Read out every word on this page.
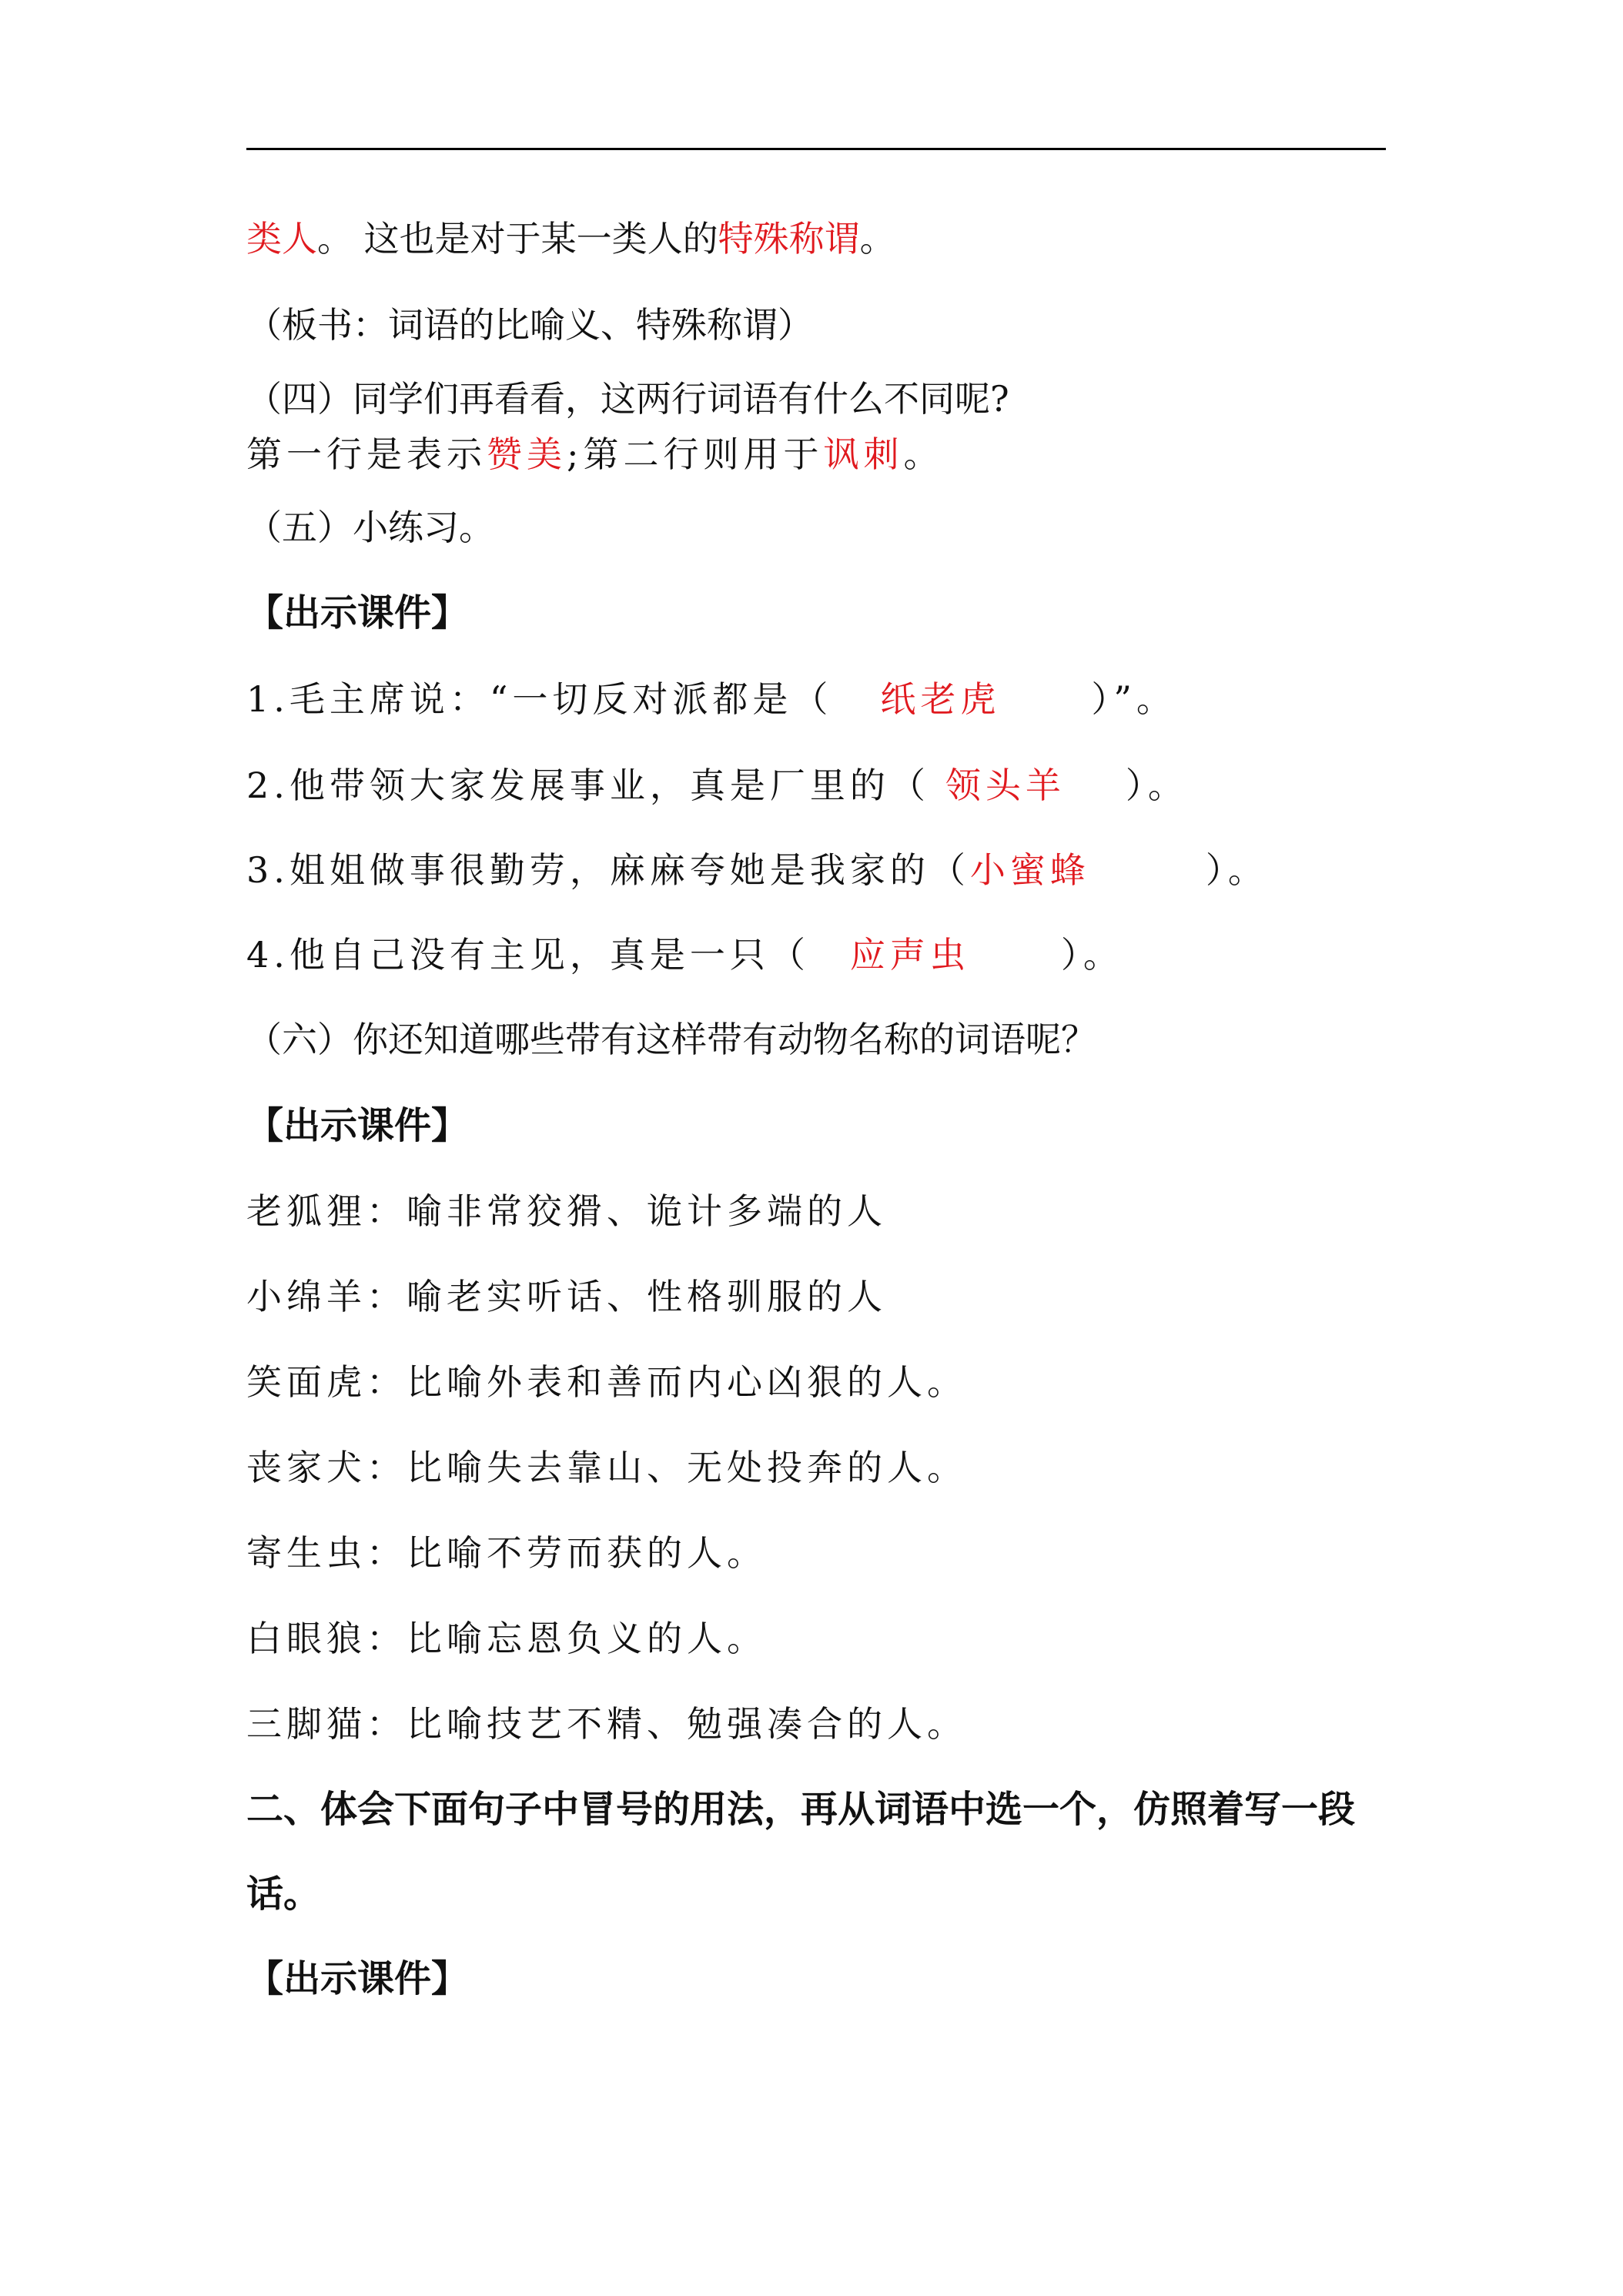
类人。 这也是对于某一类人的特殊称谓。
（板书：词语的比喻义、特殊称谓）
（四）同学们再看看，这两行词语有什么不同呢?
第一行是表示赞美;第二行则用于讽刺。
（五）小练习。
【出示课件】
1.毛主席说：“一切反对派都是（ 纸老虎	）”。
2.他带领大家发展事业，真是厂里的（ 领头羊 ）。
3.姐姐做事很勤劳，麻麻夸她是我家的（小蜜蜂	）。
4.他自己没有主见，真是一只（ 应声虫	）。
（六）你还知道哪些带有这样带有动物名称的词语呢？
【出示课件】
老狐狸：喻非常狡猾、诡计多端的人
小绵羊：喻老实听话、性格驯服的人
笑面虎：比喻外表和善而内心凶狠的人。
丧家犬：比喻失去靠山、无处投奔的人。
寄生虫：比喻不劳而获的人。
白眼狼：比喻忘恩负义的人。
三脚猫：比喻技艺不精、勉强凑合的人。
二、体会下面句子中冒号的用法，再从词语中选一个，仿照着写一段
话。
【出示课件】
